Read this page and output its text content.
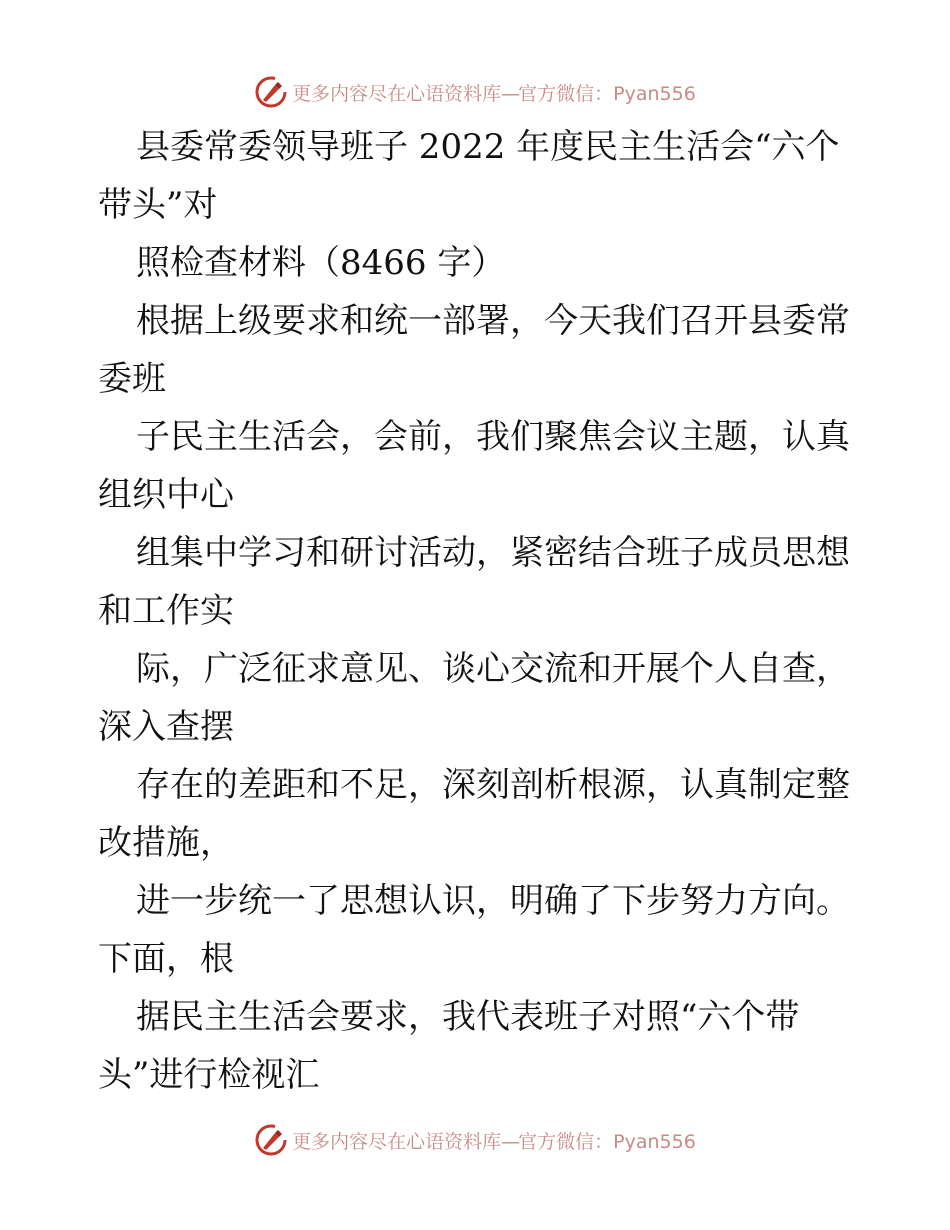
更多内容尽在心语资料库—官方微信：Pyan556

县委常委领导班子 2022 年度民主生活会“六个

带头”对

照检查材料（8466 字）

根据上级要求和统一部署，今天我们召开县委常

委班

子民主生活会，会前，我们聚焦会议主题，认真

组织中心

组集中学习和研讨活动，紧密结合班子成员思想

和工作实

际，广泛征求意见、谈心交流和开展个人自查，

深入查摆

存在的差距和不足，深刻剖析根源，认真制定整

改措施，

进一步统一了思想认识，明确了下步努力方向。

下面，根

据民主生活会要求，我代表班子对照“六个带

头”进行检视汇

更多内容尽在心语资料库—官方微信：Pyan556
